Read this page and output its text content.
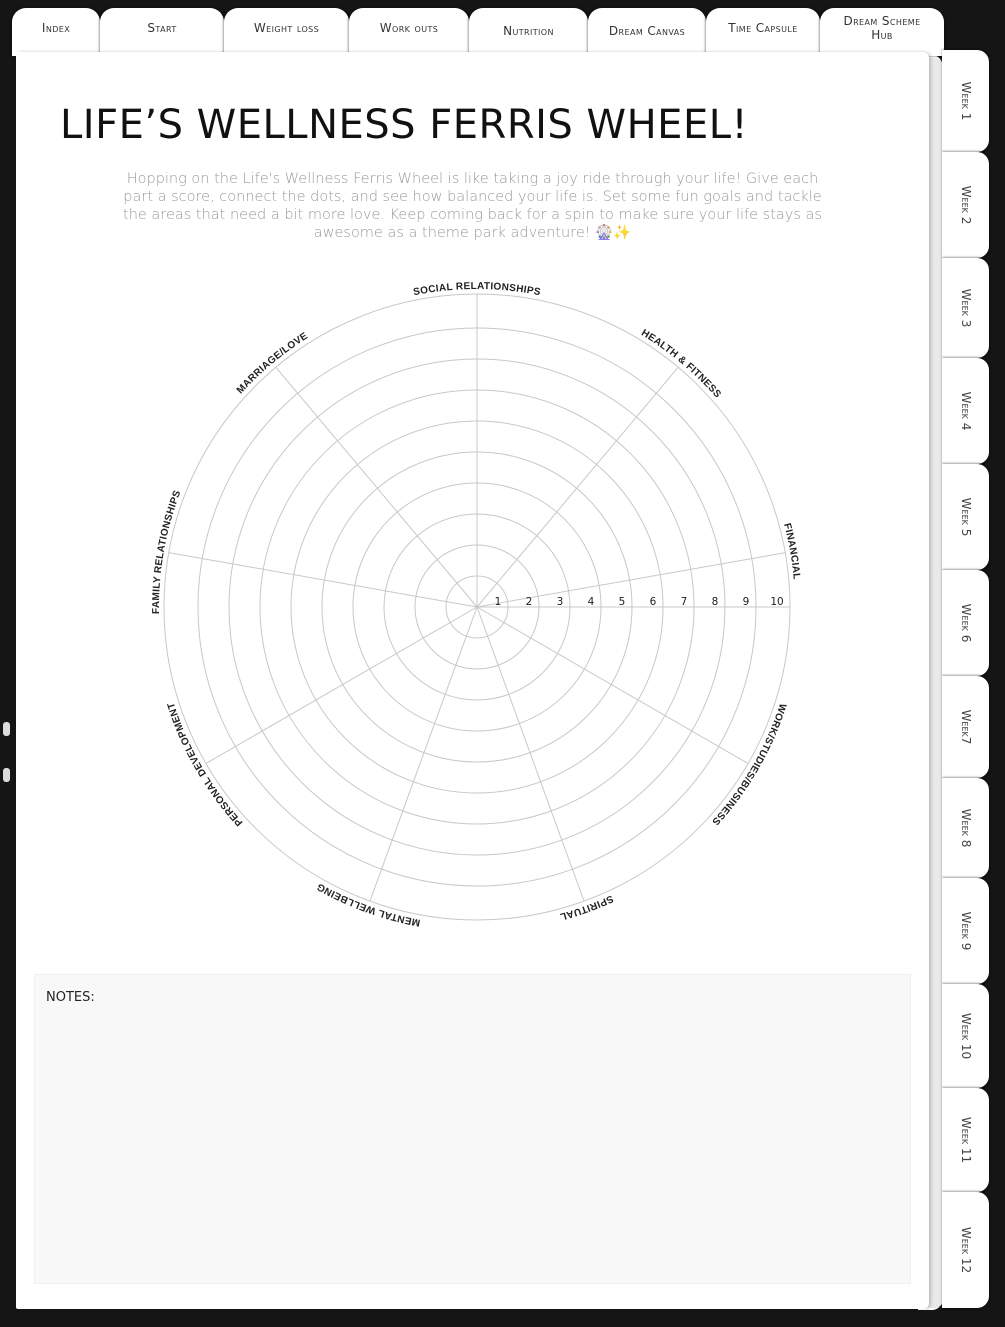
Index	Start	Weight loss	Work outs	Nutrition	Dream Canvas	Time Capsule	Dream Scheme Hub
Week 1
Week 2
Week 3
Week 4
Week 5
Week 6
Week7
Week 8
Week 9
Week 10
Week 11
Week 12
LIFE’S WELLNESS FERRIS WHEEL!

Hopping on the Life's Wellness Ferris Wheel is like taking a joy ride through your life! Give each part a score, connect the dots, and see how balanced your life is. Set some fun goals and tackle the areas that need a bit more love. Keep coming back for a spin to make sure your life stays as awesome as a theme park adventure! 🎡✨

1 2 3 4 5 6 7 8 9 10
MARRIAGE/LOVE
SOCIAL RELATIONSHIPS
HEALTH & FITNESS
FINANCIAL
WORK/STUDIES/BUSINESS
SPIRITUAL
MENTAL WELLBEING
PERSONAL DEVELOPMENT
FAMILY RELATIONSHIPS
NOTES:
